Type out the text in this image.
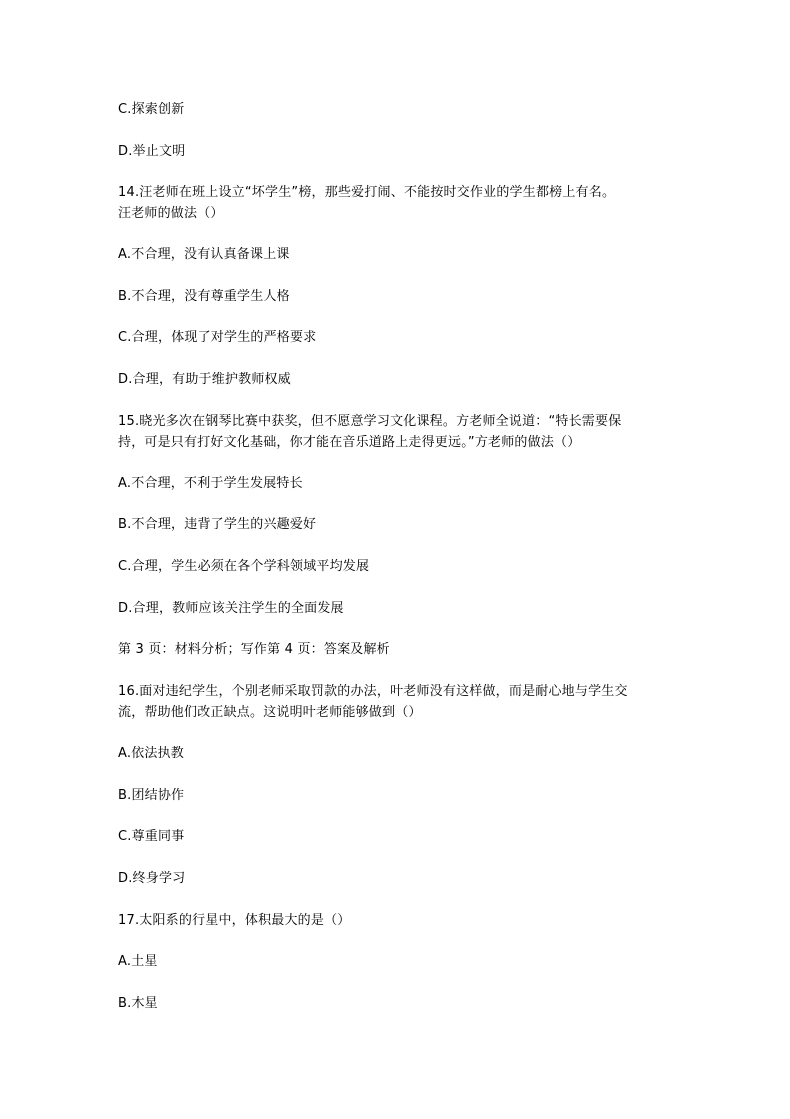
C.探索创新
D.举止文明
14.汪老师在班上设立“坏学生”榜，那些爱打闹、不能按时交作业的学生都榜上有名。
汪老师的做法（）
A.不合理，没有认真备课上课
B.不合理，没有尊重学生人格
C.合理，体现了对学生的严格要求
D.合理，有助于维护教师权威
15.晓光多次在钢琴比赛中获奖，但不愿意学习文化课程。方老师全说道：“特长需要保
持，可是只有打好文化基础，你才能在音乐道路上走得更远。”方老师的做法（）
A.不合理，不利于学生发展特长
B.不合理，违背了学生的兴趣爱好
C.合理，学生必须在各个学科领域平均发展
D.合理，教师应该关注学生的全面发展
第 3 页：材料分析；写作第 4 页：答案及解析
16.面对违纪学生，个别老师采取罚款的办法，叶老师没有这样做，而是耐心地与学生交
流，帮助他们改正缺点。这说明叶老师能够做到（）
A.依法执教
B.团结协作
C.尊重同事
D.终身学习
17.太阳系的行星中，体积最大的是（）
A.土星
B.木星
